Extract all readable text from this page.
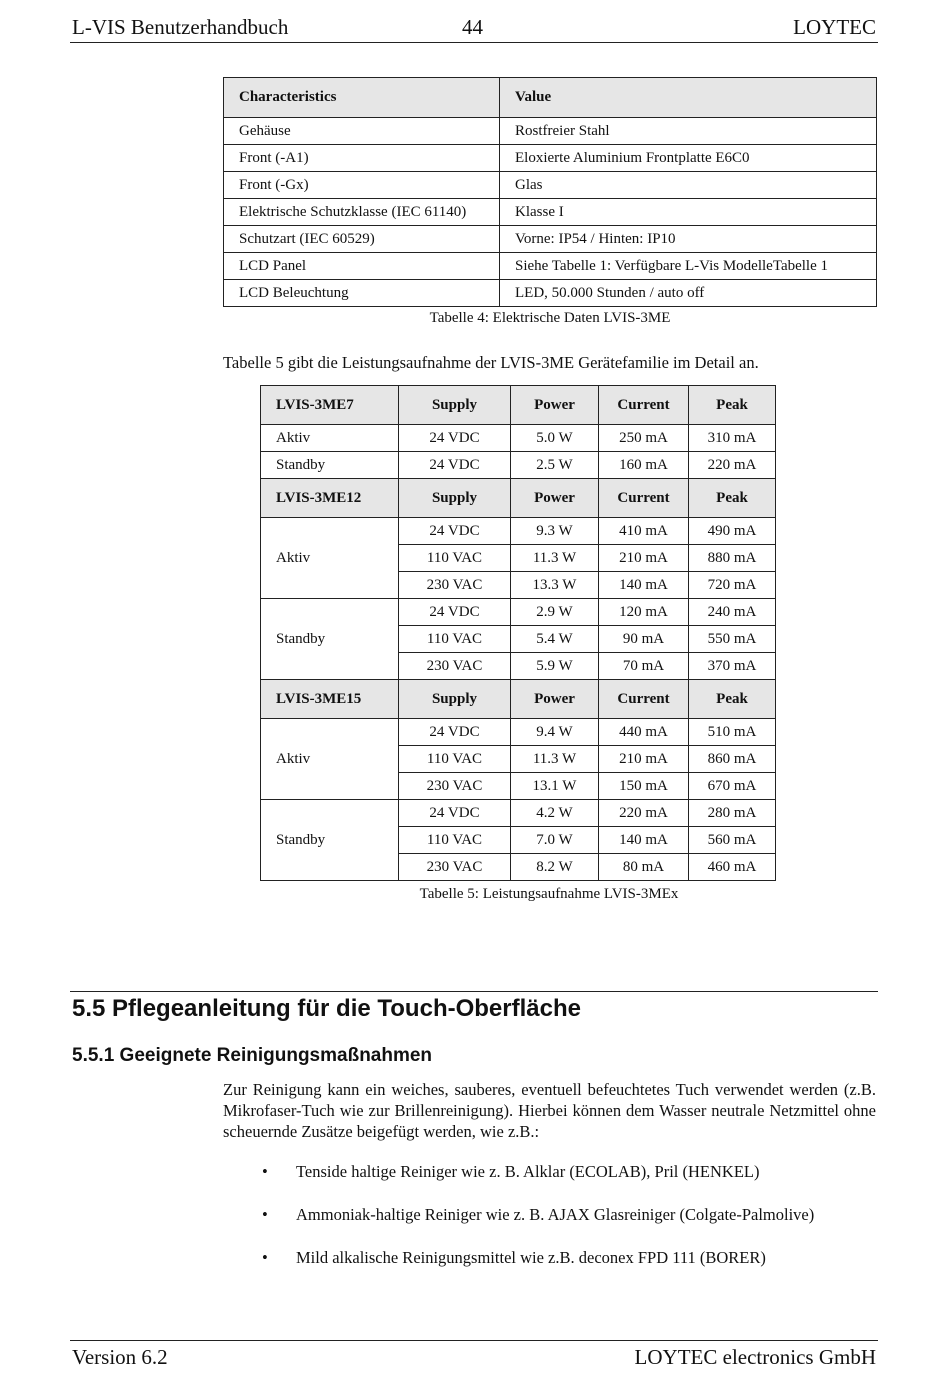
L-VIS Benutzerhandbuch	44	LOYTEC
Characteristics	Value
Gehäuse	Rostfreier Stahl
Front (-A1)	Eloxierte Aluminium Frontplatte E6C0
Front (-Gx)	Glas
Elektrische Schutzklasse (IEC 61140)	Klasse I
Schutzart (IEC 60529)	Vorne: IP54 / Hinten: IP10
LCD Panel	Siehe Tabelle 1: Verfügbare L-Vis ModelleTabelle 1
LCD Beleuchtung	LED, 50.000 Stunden / auto off
Tabelle 4: Elektrische Daten LVIS-3ME
Tabelle 5 gibt die Leistungsaufnahme der LVIS-3ME Gerätefamilie im Detail an.
LVIS-3ME7	Supply	Power	Current	Peak
Aktiv	24 VDC	5.0 W	250 mA	310 mA
Standby	24 VDC	2.5 W	160 mA	220 mA
LVIS-3ME12	Supply	Power	Current	Peak
Aktiv	24 VDC	9.3 W	410 mA	490 mA
	110 VAC	11.3 W	210 mA	880 mA
	230 VAC	13.3 W	140 mA	720 mA
Standby	24 VDC	2.9 W	120 mA	240 mA
	110 VAC	5.4 W	90 mA	550 mA
	230 VAC	5.9 W	70 mA	370 mA
LVIS-3ME15	Supply	Power	Current	Peak
Aktiv	24 VDC	9.4 W	440 mA	510 mA
	110 VAC	11.3 W	210 mA	860 mA
	230 VAC	13.1 W	150 mA	670 mA
Standby	24 VDC	4.2 W	220 mA	280 mA
	110 VAC	7.0 W	140 mA	560 mA
	230 VAC	8.2 W	80 mA	460 mA
Tabelle 5: Leistungsaufnahme LVIS-3MEx
5.5 Pflegeanleitung für die Touch-Oberfläche
5.5.1 Geeignete Reinigungsmaßnahmen
Zur Reinigung kann ein weiches, sauberes, eventuell befeuchtetes Tuch verwendet werden (z.B. Mikrofaser-Tuch wie zur Brillenreinigung). Hierbei können dem Wasser neutrale Netzmittel ohne scheuernde Zusätze beigefügt werden, wie z.B.:
• Tenside haltige Reiniger wie z. B. Alklar (ECOLAB), Pril (HENKEL)
• Ammoniak-haltige Reiniger wie z. B. AJAX Glasreiniger (Colgate-Palmolive)
• Mild alkalische Reinigungsmittel wie z.B. deconex FPD 111 (BORER)
Version 6.2	LOYTEC electronics GmbH
